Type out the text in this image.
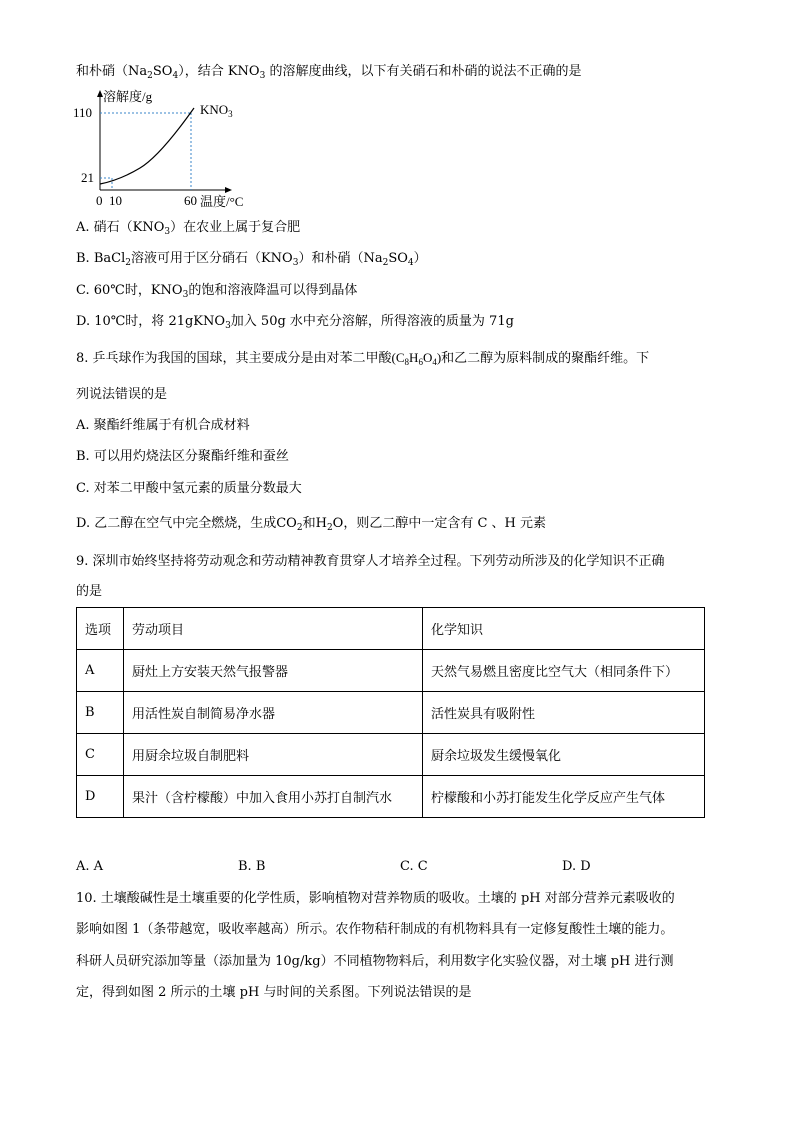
和朴硝$(Na_2SO_4)$，结合 $KNO_3$ 的溶解度曲线，以下有关硝石和朴硝的说法不正确的是
溶解度/g
$KNO_3$
110
21
0 10	60 温度/°C
A. 硝石$(KNO_3)$在农业上属于复合肥
B. BaCl$_2$溶液可用于区分硝石$(KNO_3)$和朴硝$(Na_2SO_4)$
C. 60℃时，$KNO_3$的饱和溶液降温可以得到晶体
D. 10℃时，将 21gKNO$_3$加入 50g 水中充分溶解，所得溶液的质量为 71g
8. 乒乓球作为我国的国球，其主要成分是由对苯二甲酸$(C_8H_6O_4)$和乙二醇为原料制成的聚酯纤维。下
列说法错误的是
A. 聚酯纤维属于有机合成材料
B. 可以用灼烧法区分聚酯纤维和蚕丝
C. 对苯二甲酸中氢元素的质量分数最大
D. 乙二醇在空气中完全燃烧，生成$CO_2$和$H_2O$，则乙二醇中一定含有 C 、H 元素
9. 深圳市始终坚持将劳动观念和劳动精神教育贯穿人才培养全过程。下列劳动所涉及的化学知识不正确
的是
选项	劳动项目	化学知识
A	厨灶上方安装天然气报警器	天然气易燃且密度比空气大（相同条件下）
B	用活性炭自制简易净水器	活性炭具有吸附性
C	用厨余垃圾自制肥料	厨余垃圾发生缓慢氧化
D	果汁（含柠檬酸）中加入食用小苏打自制汽水	柠檬酸和小苏打能发生化学反应产生气体
A. A	B. B	C. C	D. D
10. 土壤酸碱性是土壤重要的化学性质，影响植物对营养物质的吸收。土壤的 pH 对部分营养元素吸收的
影响如图 1（条带越宽，吸收率越高）所示。农作物秸秆制成的有机物料具有一定修复酸性土壤的能力。
科研人员研究添加等量（添加量为 10g/kg）不同植物物料后，利用数字化实验仪器，对土壤 pH 进行测
定，得到如图 2 所示的土壤 pH 与时间的关系图。下列说法错误的是
